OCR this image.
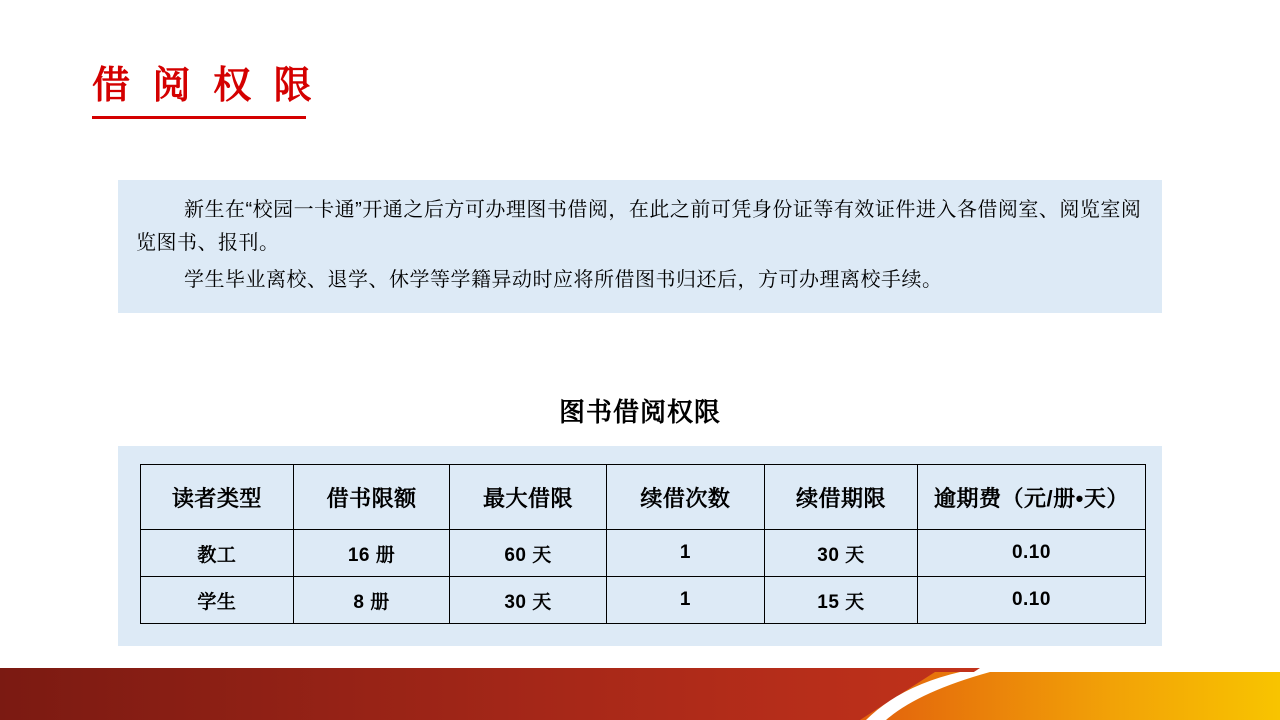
借 阅 权 限

新生在“校园一卡通”开通之后方可办理图书借阅，在此之前可凭身份证等有效证件进入各借阅室、阅览室阅览图书、报刊。

学生毕业离校、退学、休学等学籍异动时应将所借图书归还后，方可办理离校手续。

图书借阅权限
读者类型	借书限额	最大借限	续借次数	续借期限	逾期费（元/册•天）
教工	16 册	60 天	1	30 天	0.10
学生	8 册	30 天	1	15 天	0.10
